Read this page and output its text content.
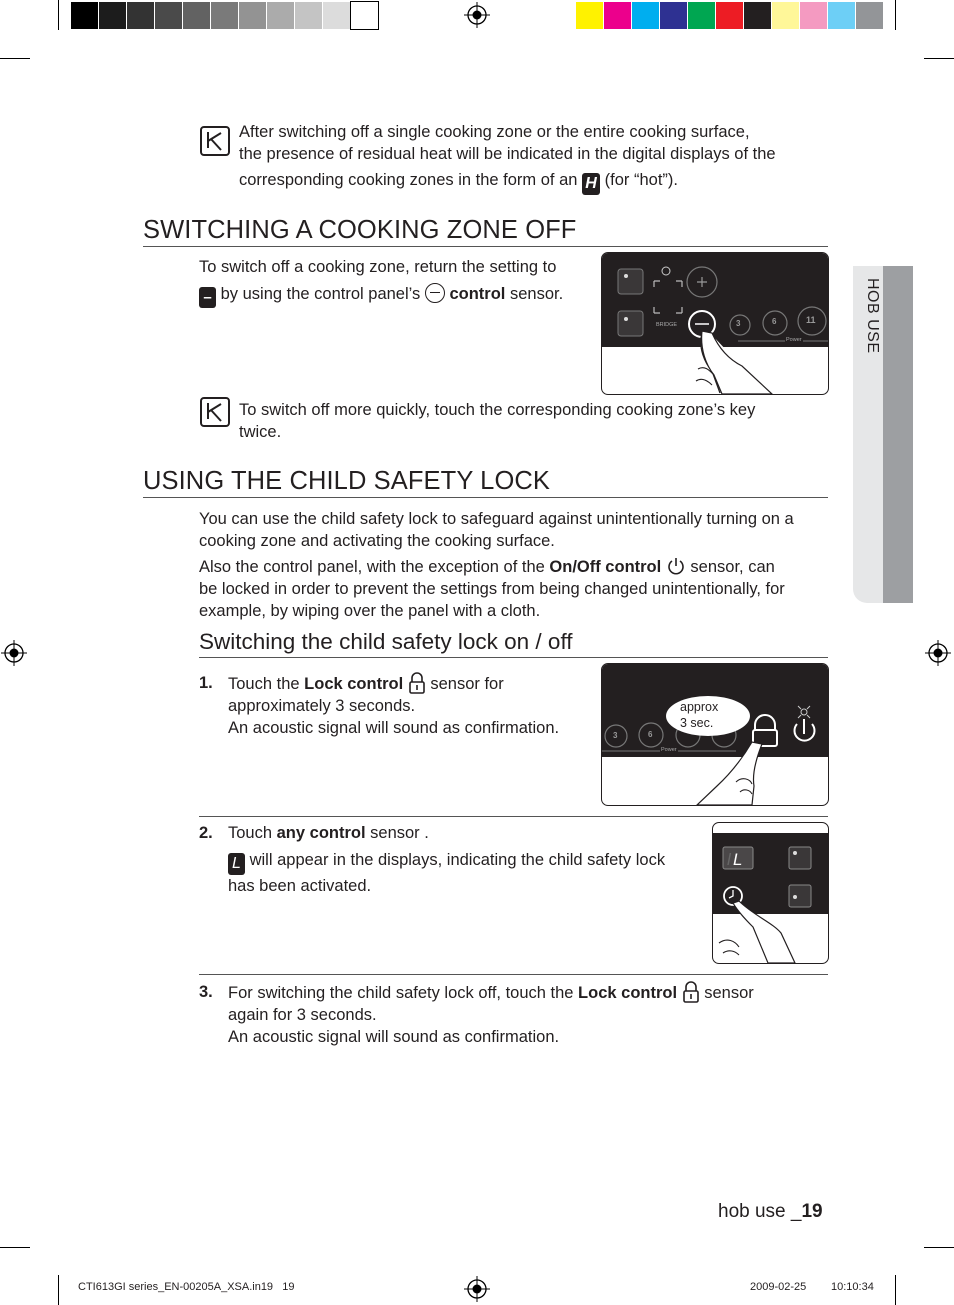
HOB USE
After switching off a single cooking zone or the entire cooking surface,
the presence of residual heat will be indicated in the digital displays of the
corresponding cooking zones in the form of an H (for “hot”).
SWITCHING A COOKING ZONE OFF
To switch off a cooking zone, return the setting to
– by using the control panel’s control sensor.
BRIDGE	3	6	11
Power
To switch off more quickly, touch the corresponding cooking zone’s key
twice.
USING THE CHILD SAFETY LOCK
You can use the child safety lock to safeguard against unintentionally turning on a
cooking zone and activating the cooking surface.
Also the control panel, with the exception of the On/Off control sensor, can
be locked in order to prevent the settings from being changed unintentionally, for
example, by wiping over the panel with a cloth.
Switching the child safety lock on / off
1. Touch the Lock control sensor for
approximately 3 seconds.
An acoustic signal will sound as confirmation.
approx
3 sec.
3	6
Power
2. Touch any control sensor .
L will appear in the displays, indicating the child safety lock
has been activated.
L
l
3. For switching the child safety lock off, touch the Lock control sensor
again for 3 seconds.
An acoustic signal will sound as confirmation.
hob use _19
CTI613GI series_EN-00205A_XSA.in19   19	2009-02-25 10:10:34
